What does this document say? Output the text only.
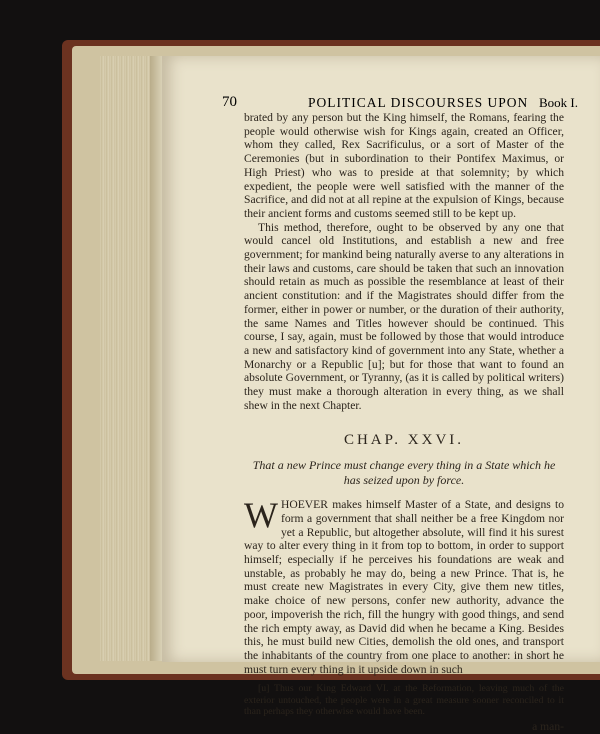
70	POLITICAL DISCOURSES UPON Book I.

brated by any person but the King himself, the Romans, fearing the people would otherwise wish for Kings again, created an Officer, whom they called, Rex Sacrificulus, or a sort of Master of the Ceremonies (but in subordination to their Pontifex Maximus, or High Priest) who was to preside at that solemnity; by which expedient, the people were well satisfied with the manner of the Sacrifice, and did not at all repine at the expulsion of Kings, because their ancient forms and customs seemed still to be kept up.

This method, therefore, ought to be observed by any one that would cancel old Institutions, and establish a new and free government; for mankind being naturally averse to any alterations in their laws and customs, care should be taken that such an innovation should retain as much as possible the resemblance at least of their ancient constitution: and if the Magistrates should differ from the former, either in power or number, or the duration of their authority, the same Names and Titles however should be continued. This course, I say, again, must be followed by those that would introduce a new and satisfactory kind of government into any State, whether a Monarchy or a Republic [u]; but for those that want to found an absolute Government, or Tyranny, (as it is called by political writers) they must make a thorough alteration in every thing, as we shall shew in the next Chapter.

CHAP. XXVI.
That a new Prince must change every thing in a State which he has seized upon by force.

WHOEVER makes himself Master of a State, and designs to form a government that shall neither be a free Kingdom nor yet a Republic, but altogether absolute, will find it his surest way to alter every thing in it from top to bottom, in order to support himself; especially if he perceives his foundations are weak and unstable, as probably he may do, being a new Prince. That is, he must create new Magistrates in every City, give them new titles, make choice of new persons, confer new authority, advance the poor, impoverish the rich, fill the hungry with good things, and send the rich empty away, as David did when he became a King. Besides this, he must build new Cities, demolish the old ones, and transport the inhabitants of the country from one place to another: in short he must turn every thing in it upside down in such

[u] Thus our King Edward VI. at the Reformation, leaving much of the exterior untouched, the people were in a great measure sooner reconciled to it than perhaps they otherwise would have been.
a man-
